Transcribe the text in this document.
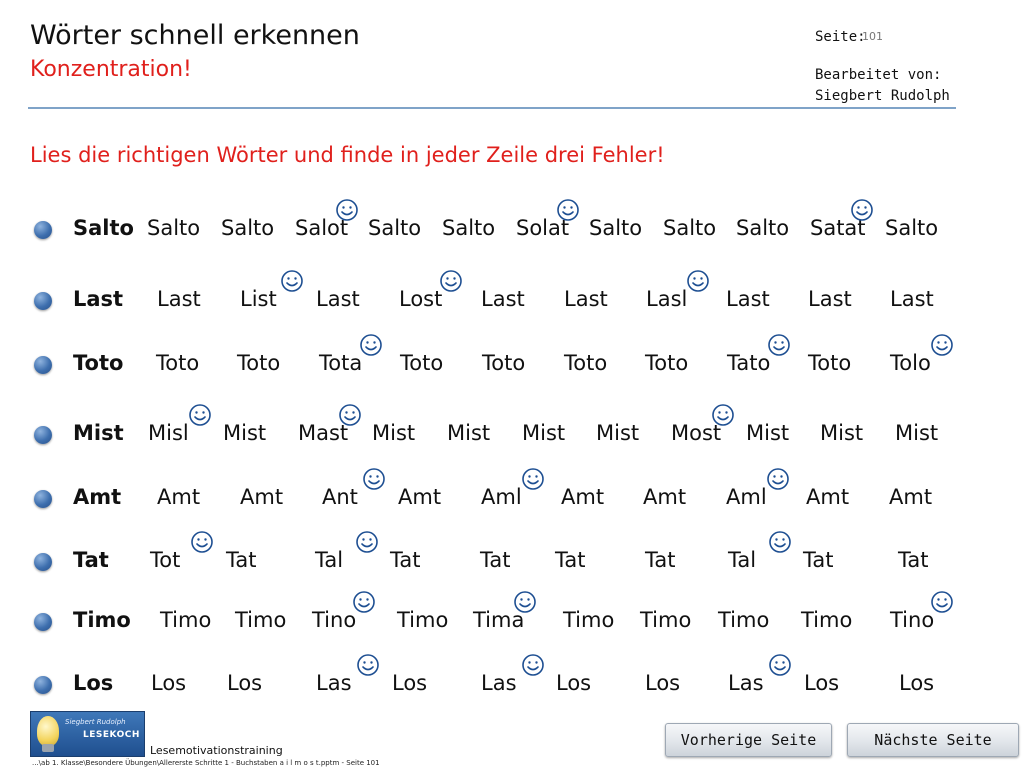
Wörter schnell erkennen
Konzentration!
Seite:
101
Bearbeitet von:
Siegbert Rudolph
Lies die richtigen Wörter und finde in jeder Zeile drei Fehler!
Salto Salto Salto Salot Salto Salto Solat Salto Salto Salto Satat Salto
Last Last List Last Lost Last Last Lasl Last Last Last
Toto Toto Toto Tota Toto Toto Toto Toto Tato Toto Tolo
Mist Misl Mist Mast Mist Mist Mist Mist Most Mist Mist Mist
Amt Amt Amt Ant Amt Aml Amt Amt Aml Amt Amt
Tat Tot Tat	Tal Tat	Tat Tat	Tat	Tal Tat	Tat
Timo Timo Timo Tino Timo Tima Timo Timo Timo Timo Tino
Los Los Los	Las Los	Las Los	Los Las Los	Los
Siegbert Rudolph
LESEKOCH
Lesemotivationstraining
...\ab 1. Klasse\Besondere Übungen\Allererste Schritte 1 - Buchstaben a i l m o s t.pptm - Seite 101
Vorherige Seite	Nächste Seite
